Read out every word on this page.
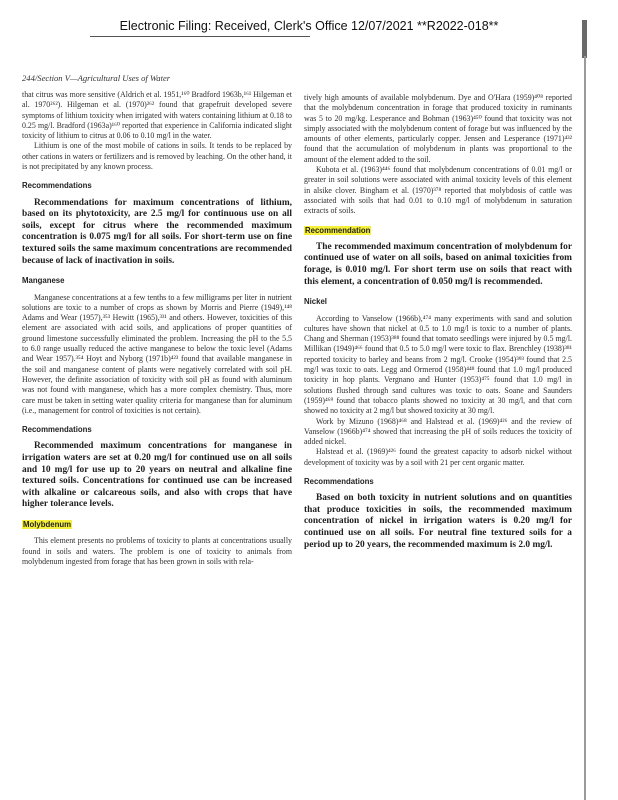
Electronic Filing: Received, Clerk's Office 12/07/2021 **R2022-018**
244/Section V—Agricultural Uses of Water

that citrus was more sensitive (Aldrich et al. 1951,¹⁶⁰ Bradford 1963b,¹⁶¹ Hilgeman et al. 1970²⁶²). Hilgeman et al. (1970)²⁶² found that grapefruit developed severe symptoms of lithium toxicity when irrigated with waters containing lithium at 0.18 to 0.25 mg/l. Bradford (1963a)¹⁶⁰ reported that experience in California indicated slight toxicity of lithium to citrus at 0.06 to 0.10 mg/l in the water.

Lithium is one of the most mobile of cations in soils. It tends to be replaced by other cations in waters or fertilizers and is removed by leaching. On the other hand, it is not precipitated by any known process.

Recommendations

Recommendations for maximum concentrations of lithium, based on its phytotoxicity, are 2.5 mg/l for continuous use on all soils, except for citrus where the recommended maximum concentration is 0.075 mg/l for all soils. For short-term use on fine textured soils the same maximum concentrations are recommended because of lack of inactivation in soils.

Manganese

Manganese concentrations at a few tenths to a few milligrams per liter in nutrient solutions are toxic to a number of crops as shown by Morris and Pierre (1949),¹⁴⁸ Adams and Wear (1957),³⁵³ Hewitt (1965),³³¹ and others. However, toxicities of this element are associated with acid soils, and applications of proper quantities of ground limestone successfully eliminated the problem. Increasing the pH to the 5.5 to 6.0 range usually reduced the active manganese to below the toxic level (Adams and Wear 1957).³⁵⁴ Hoyt and Nyborg (1971b)⁴²³ found that available manganese in the soil and manganese content of plants were negatively correlated with soil pH. However, the definite association of toxicity with soil pH as found with aluminum was not found with manganese, which has a more complex chemistry. Thus, more care must be taken in setting water quality criteria for manganese than for aluminum (i.e., management for control of toxicities is not certain).

Recommendations

Recommended maximum concentrations for manganese in irrigation waters are set at 0.20 mg/l for continued use on all soils and 10 mg/l for use up to 20 years on neutral and alkaline fine textured soils. Concentrations for continued use can be increased with alkaline or calcareous soils, and also with crops that have higher tolerance levels.

Molybdenum

This element presents no problems of toxicity to plants at concentrations usually found in soils and waters. The problem is one of toxicity to animals from molybdenum ingested from forage that has been grown in soils with rela-

tively high amounts of available molybdenum. Dye and O'Hara (1959)⁴⁰⁸ reported that the molybdenum concentration in forage that produced toxicity in ruminants was 5 to 20 mg/kg. Lesperance and Bohman (1963)⁴⁵⁰ found that toxicity was not simply associated with the molybdenum content of forage but was influenced by the amounts of other elements, particularly copper. Jensen and Lesperance (1971)⁴³² found that the accumulation of molybdenum in plants was proportional to the amount of the element added to the soil.

Kubota et al. (1963)⁴⁴⁶ found that molybdenum concentrations of 0.01 mg/l or greater in soil solutions were associated with animal toxicity levels of this element in alsike clover. Bingham et al. (1970)³⁷⁸ reported that molybdosis of cattle was associated with soils that had 0.01 to 0.10 mg/l of molybdenum in saturation extracts of soils.

Recommendation

The recommended maximum concentration of molybdenum for continued use of water on all soils, based on animal toxicities from forage, is 0.010 mg/l. For short term use on soils that react with this element, a concentration of 0.050 mg/l is recommended.

Nickel

According to Vanselow (1966b),⁴⁷⁴ many experiments with sand and solution cultures have shown that nickel at 0.5 to 1.0 mg/l is toxic to a number of plants. Chang and Sherman (1953)³⁸⁸ found that tomato seedlings were injured by 0.5 mg/l. Millikan (1949)⁴⁶⁶ found that 0.5 to 5.0 mg/l were toxic to flax. Brenchley (1938)³⁸¹ reported toxicity to barley and beans from 2 mg/l. Crooke (1954)³⁹³ found that 2.5 mg/l was toxic to oats. Legg and Ormerod (1958)⁴⁴⁸ found that 1.0 mg/l produced toxicity in hop plants. Vergnano and Hunter (1953)⁴⁷⁵ found that 1.0 mg/l in solutions flushed through sand cultures was toxic to oats. Soane and Saunders (1959)⁴⁶⁹ found that tobacco plants showed no toxicity at 30 mg/l, and that corn showed no toxicity at 2 mg/l but showed toxicity at 30 mg/l.

Work by Mizuno (1968)⁴⁶⁸ and Halstead et al. (1969)⁴²⁶ and the review of Vanselow (1966b)⁴⁷⁴ showed that increasing the pH of soils reduces the toxicity of added nickel.

Halstead et al. (1969)⁴²⁶ found the greatest capacity to adsorb nickel without development of toxicity was by a soil with 21 per cent organic matter.

Recommendations

Based on both toxicity in nutrient solutions and on quantities that produce toxicities in soils, the recommended maximum concentration of nickel in irrigation waters is 0.20 mg/l for continued use on all soils. For neutral fine textured soils for a period up to 20 years, the recommended maximum is 2.0 mg/l.
